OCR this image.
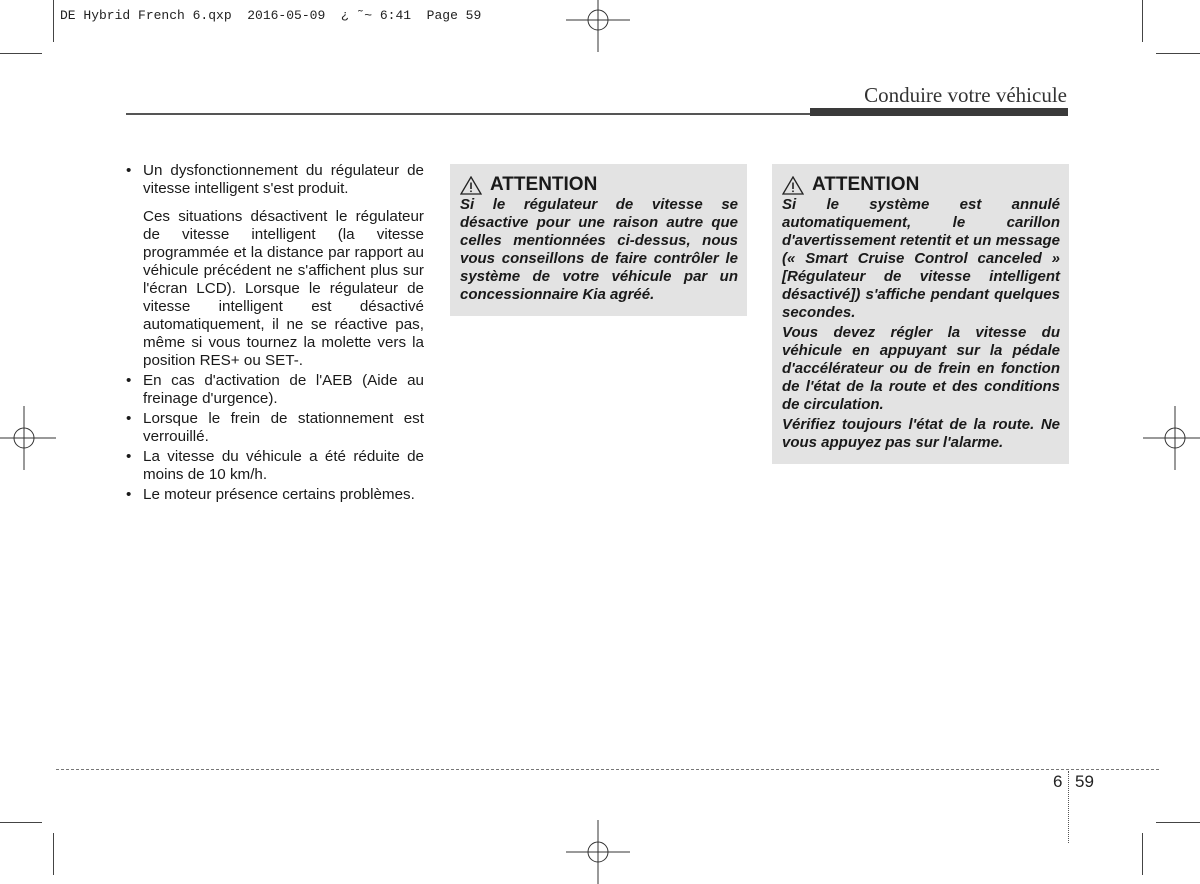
DE Hybrid French 6.qxp  2016-05-09  ¿ ˜~ 6:41  Page 59
Conduire votre véhicule
• Un dysfonctionnement du régulateur de vitesse intelligent s'est produit.
Ces situations désactivent le régulateur de vitesse intelligent (la vitesse programmée et la distance par rapport au véhicule précédent ne s'affichent plus sur l'écran LCD). Lorsque le régulateur de vitesse intelligent est désactivé automatiquement, il ne se réactive pas, même si vous tournez la molette vers la position RES+ ou SET-.
• En cas d'activation de l'AEB (Aide au freinage d'urgence).
• Lorsque le frein de stationnement est verrouillé.
• La vitesse du véhicule a été réduite de moins de 10 km/h.
• Le moteur présence certains problèmes.
ATTENTION

Si le régulateur de vitesse se désactive pour une raison autre que celles mentionnées ci-dessus, nous vous conseillons de faire contrôler le système de votre véhicule par un concessionnaire Kia agréé.

ATTENTION

Si le système est annulé automatiquement, le carillon d'avertissement retentit et un message (« Smart Cruise Control canceled » [Régulateur de vitesse intelligent désactivé]) s'affiche pendant quelques secondes.

Vous devez régler la vitesse du véhicule en appuyant sur la pédale d'accélérateur ou de frein en fonction de l'état de la route et des conditions de circulation.

Vérifiez toujours l'état de la route. Ne vous appuyez pas sur l'alarme.

6 59
